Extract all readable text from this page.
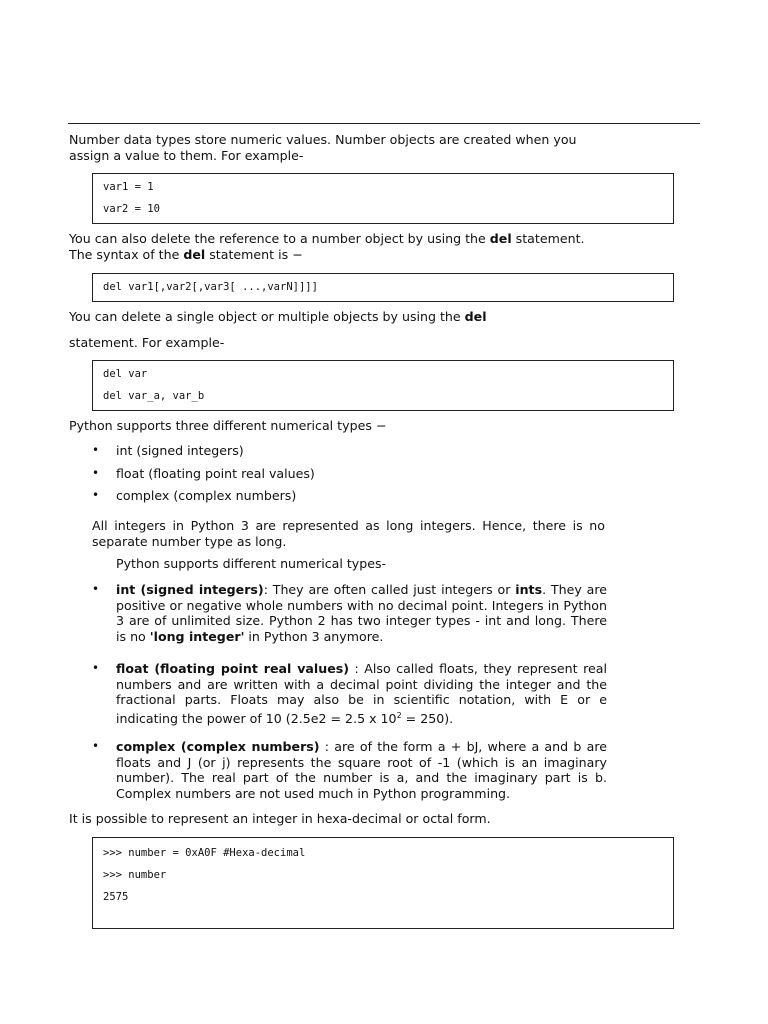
Number data types store numeric values. Number objects are created when you
assign a value to them. For example-

var1 = 1
var2 = 10

You can also delete the reference to a number object by using the del statement.
The syntax of the del statement is −

del var1[,var2[,var3[ ...,varN]]]]

You can delete a single object or multiple objects by using the del

statement. For example-

del var
del var_a, var_b

Python supports three different numerical types −

• int (signed integers)
• float (floating point real values)
• complex (complex numbers)

All integers in Python 3 are represented as long integers. Hence, there is no separate number type as long.

Python supports different numerical types-

• int (signed integers): They are often called just integers or ints. They are positive or negative whole numbers with no decimal point. Integers in Python 3 are of unlimited size. Python 2 has two integer types - int and long. There is no 'long integer' in Python 3 anymore.
• float (floating point real values) : Also called floats, they represent real numbers and are written with a decimal point dividing the integer and the fractional parts. Floats may also be in scientific notation, with E or e indicating the power of 10 (2.5e2 = 2.5 x $10^2 = 250$).
• complex (complex numbers) : are of the form a + bJ, where a and b are floats and J (or j) represents the square root of -1 (which is an imaginary number). The real part of the number is a, and the imaginary part is b. Complex numbers are not used much in Python programming.

It is possible to represent an integer in hexa-decimal or octal form.

>>> number = 0xA0F #Hexa-decimal
>>> number
2575
